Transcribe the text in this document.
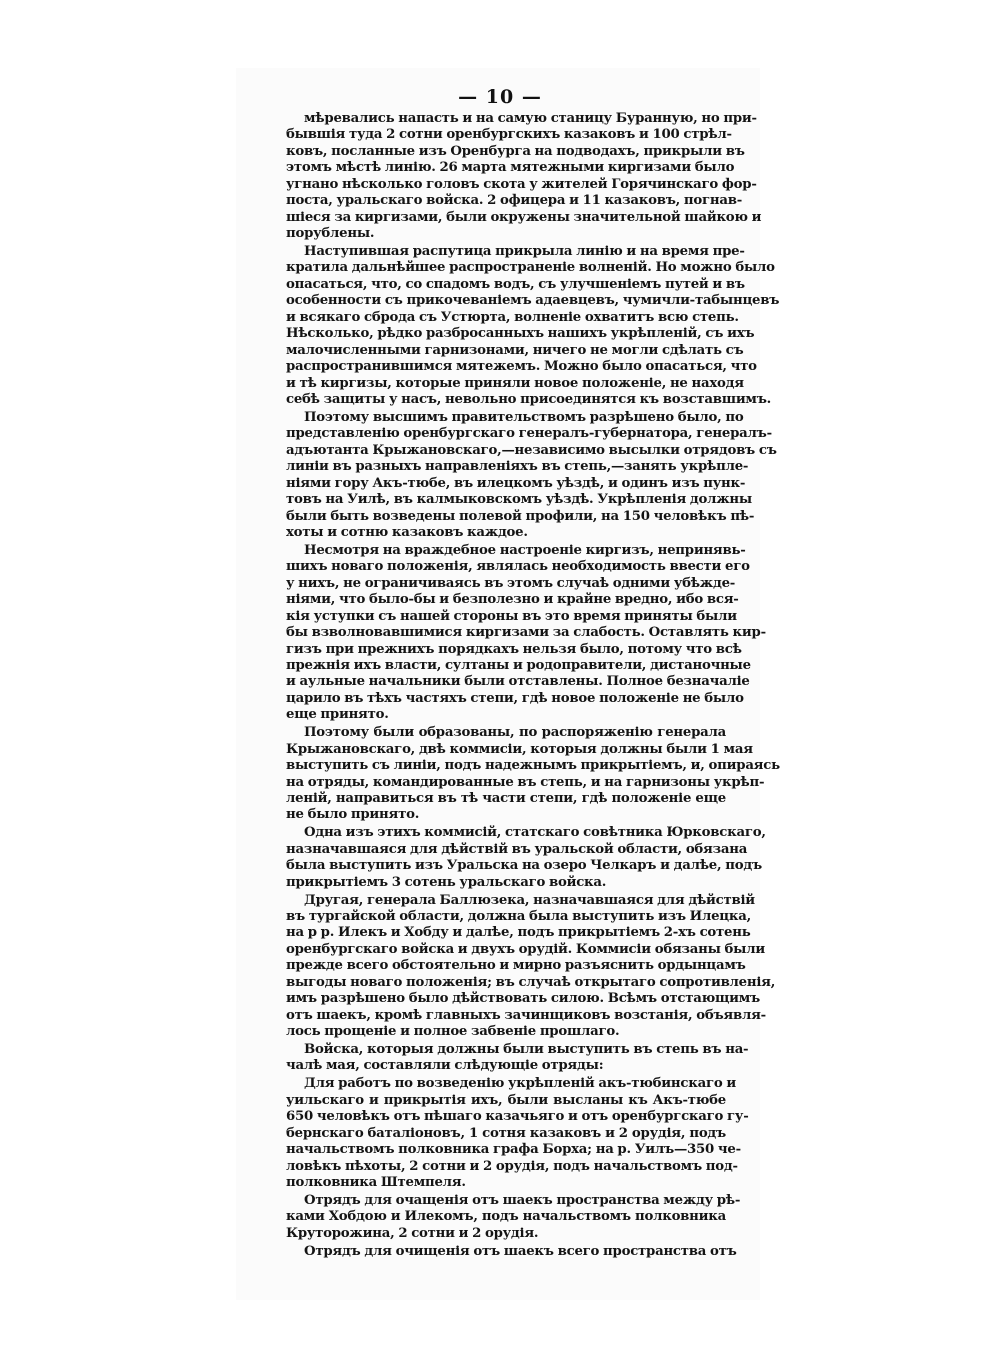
— 10 —
мѣревались напасть и на самую станицу Буранную, но при-
бывшія туда 2 сотни оренбургскихъ казаковъ и 100 стрѣл-
ковъ, посланные изъ Оренбурга на подводахъ, прикрыли въ
этомъ мѣстѣ линію. 26 марта мятежными киргизами было
угнано нѣсколько головъ скота у жителей Горячинскаго фор-
поста, уральскаго войска. 2 офицера и 11 казаковъ, погнав-
шіеся за киргизами, были окружены значительной шайкою и
порублены.
Наступившая распутица прикрыла линію и на время пре-
кратила дальнѣйшее распространеніе волненій. Но можно было
опасаться, что, со спадомъ водъ, съ улучшеніемъ путей и въ
особенности съ прикочеваніемъ адаевцевъ, чумичли-табынцевъ
и всякаго сброда съ Устюрта, волненіе охватитъ всю степь.
Нѣсколько, рѣдко разбросанныхъ нашихъ укрѣпленій, съ ихъ
малочисленными гарнизонами, ничего не могли сдѣлать съ
распространившимся мятежемъ. Можно было опасаться, что
и тѣ киргизы, которые приняли новое положеніе, не находя
себѣ защиты у насъ, невольно присоединятся къ возставшимъ.
Поэтому высшимъ правительствомъ разрѣшено было, по
представленію оренбургскаго генералъ-губернатора, генералъ-
адъютанта Крыжановскаго,—независимо высылки отрядовъ съ
линіи въ разныхъ направленіяхъ въ степь,—занять укрѣпле-
ніями гору Акъ-тюбе, въ илецкомъ уѣздѣ, и одинъ изъ пунк-
товъ на Уилѣ, въ калмыковскомъ уѣздѣ. Укрѣпленія должны
были быть возведены полевой профили, на 150 человѣкъ пѣ-
хоты и сотню казаковъ каждое.
Несмотря на враждебное настроеніе киргизъ, непринявь-
шихъ новаго положенія, являлась необходимость ввести его
у нихъ, не ограничиваясь въ этомъ случаѣ одними убѣжде-
ніями, что было-бы и безполезно и крайне вредно, ибо вся-
кія уступки съ нашей стороны въ это время приняты были
бы взволновавшимися киргизами за слабость. Оставлять кир-
гизъ при прежнихъ порядкахъ нельзя было, потому что всѣ
прежнія ихъ власти, султаны и родоправители, дистаночные
и аульные начальники были отставлены. Полное безначаліе
царило въ тѣхъ частяхъ степи, гдѣ новое положеніе не было
еще принято.
Поэтому были образованы, по распоряженію генерала
Крыжановскаго, двѣ коммисіи, которыя должны были 1 мая
выступить съ линіи, подъ надежнымъ прикрытіемъ, и, опираясь
на отряды, командированные въ степь, и на гарнизоны укрѣп-
леній, направиться въ тѣ части степи, гдѣ положеніе еще
не было принято.
Одна изъ этихъ коммисій, статскаго совѣтника Юрковскаго,
назначавшаяся для дѣйствій въ уральской области, обязана
была выступить изъ Уральска на озеро Челкаръ и далѣе, подъ
прикрытіемъ 3 сотень уральскаго войска.
Другая, генерала Баллюзека, назначавшаяся для дѣйствій
въ тургайской области, должна была выступить изъ Илецка,
на р р. Илекъ и Хобду и далѣе, подъ прикрытіемъ 2-хъ сотень
оренбургскаго войска и двухъ орудій. Коммисіи обязаны были
прежде всего обстоятельно и мирно разъяснить ордынцамъ
выгоды новаго положенія; въ случаѣ открытаго сопротивленія,
имъ разрѣшено было дѣйствовать силою. Всѣмъ отстающимъ
отъ шаекъ, кромѣ главныхъ зачинщиковъ возстанія, объявля-
лось прощеніе и полное забвеніе прошлаго.
Войска, которыя должны были выступить въ степь въ на-
чалѣ мая, составляли слѣдующіе отряды:
Для работъ по возведенію укрѣпленій акъ-тюбинскаго и
уильскаго и прикрытія ихъ, были высланы къ Акъ-тюбе
650 человѣкъ отъ пѣшаго казачьяго и отъ оренбургскаго гу-
бернскаго баталіоновъ, 1 сотня казаковъ и 2 орудія, подъ
начальствомъ полковника графа Борха; на р. Уилъ—350 че-
ловѣкъ пѣхоты, 2 сотни и 2 орудія, подъ начальствомъ под-
полковника Штемпеля.
Отрядъ для очащенія отъ шаекъ пространства между рѣ-
ками Хобдою и Илекомъ, подъ начальствомъ полковника
Круторожина, 2 сотни и 2 орудія.
Отрядъ для очищенія отъ шаекъ всего пространства отъ
